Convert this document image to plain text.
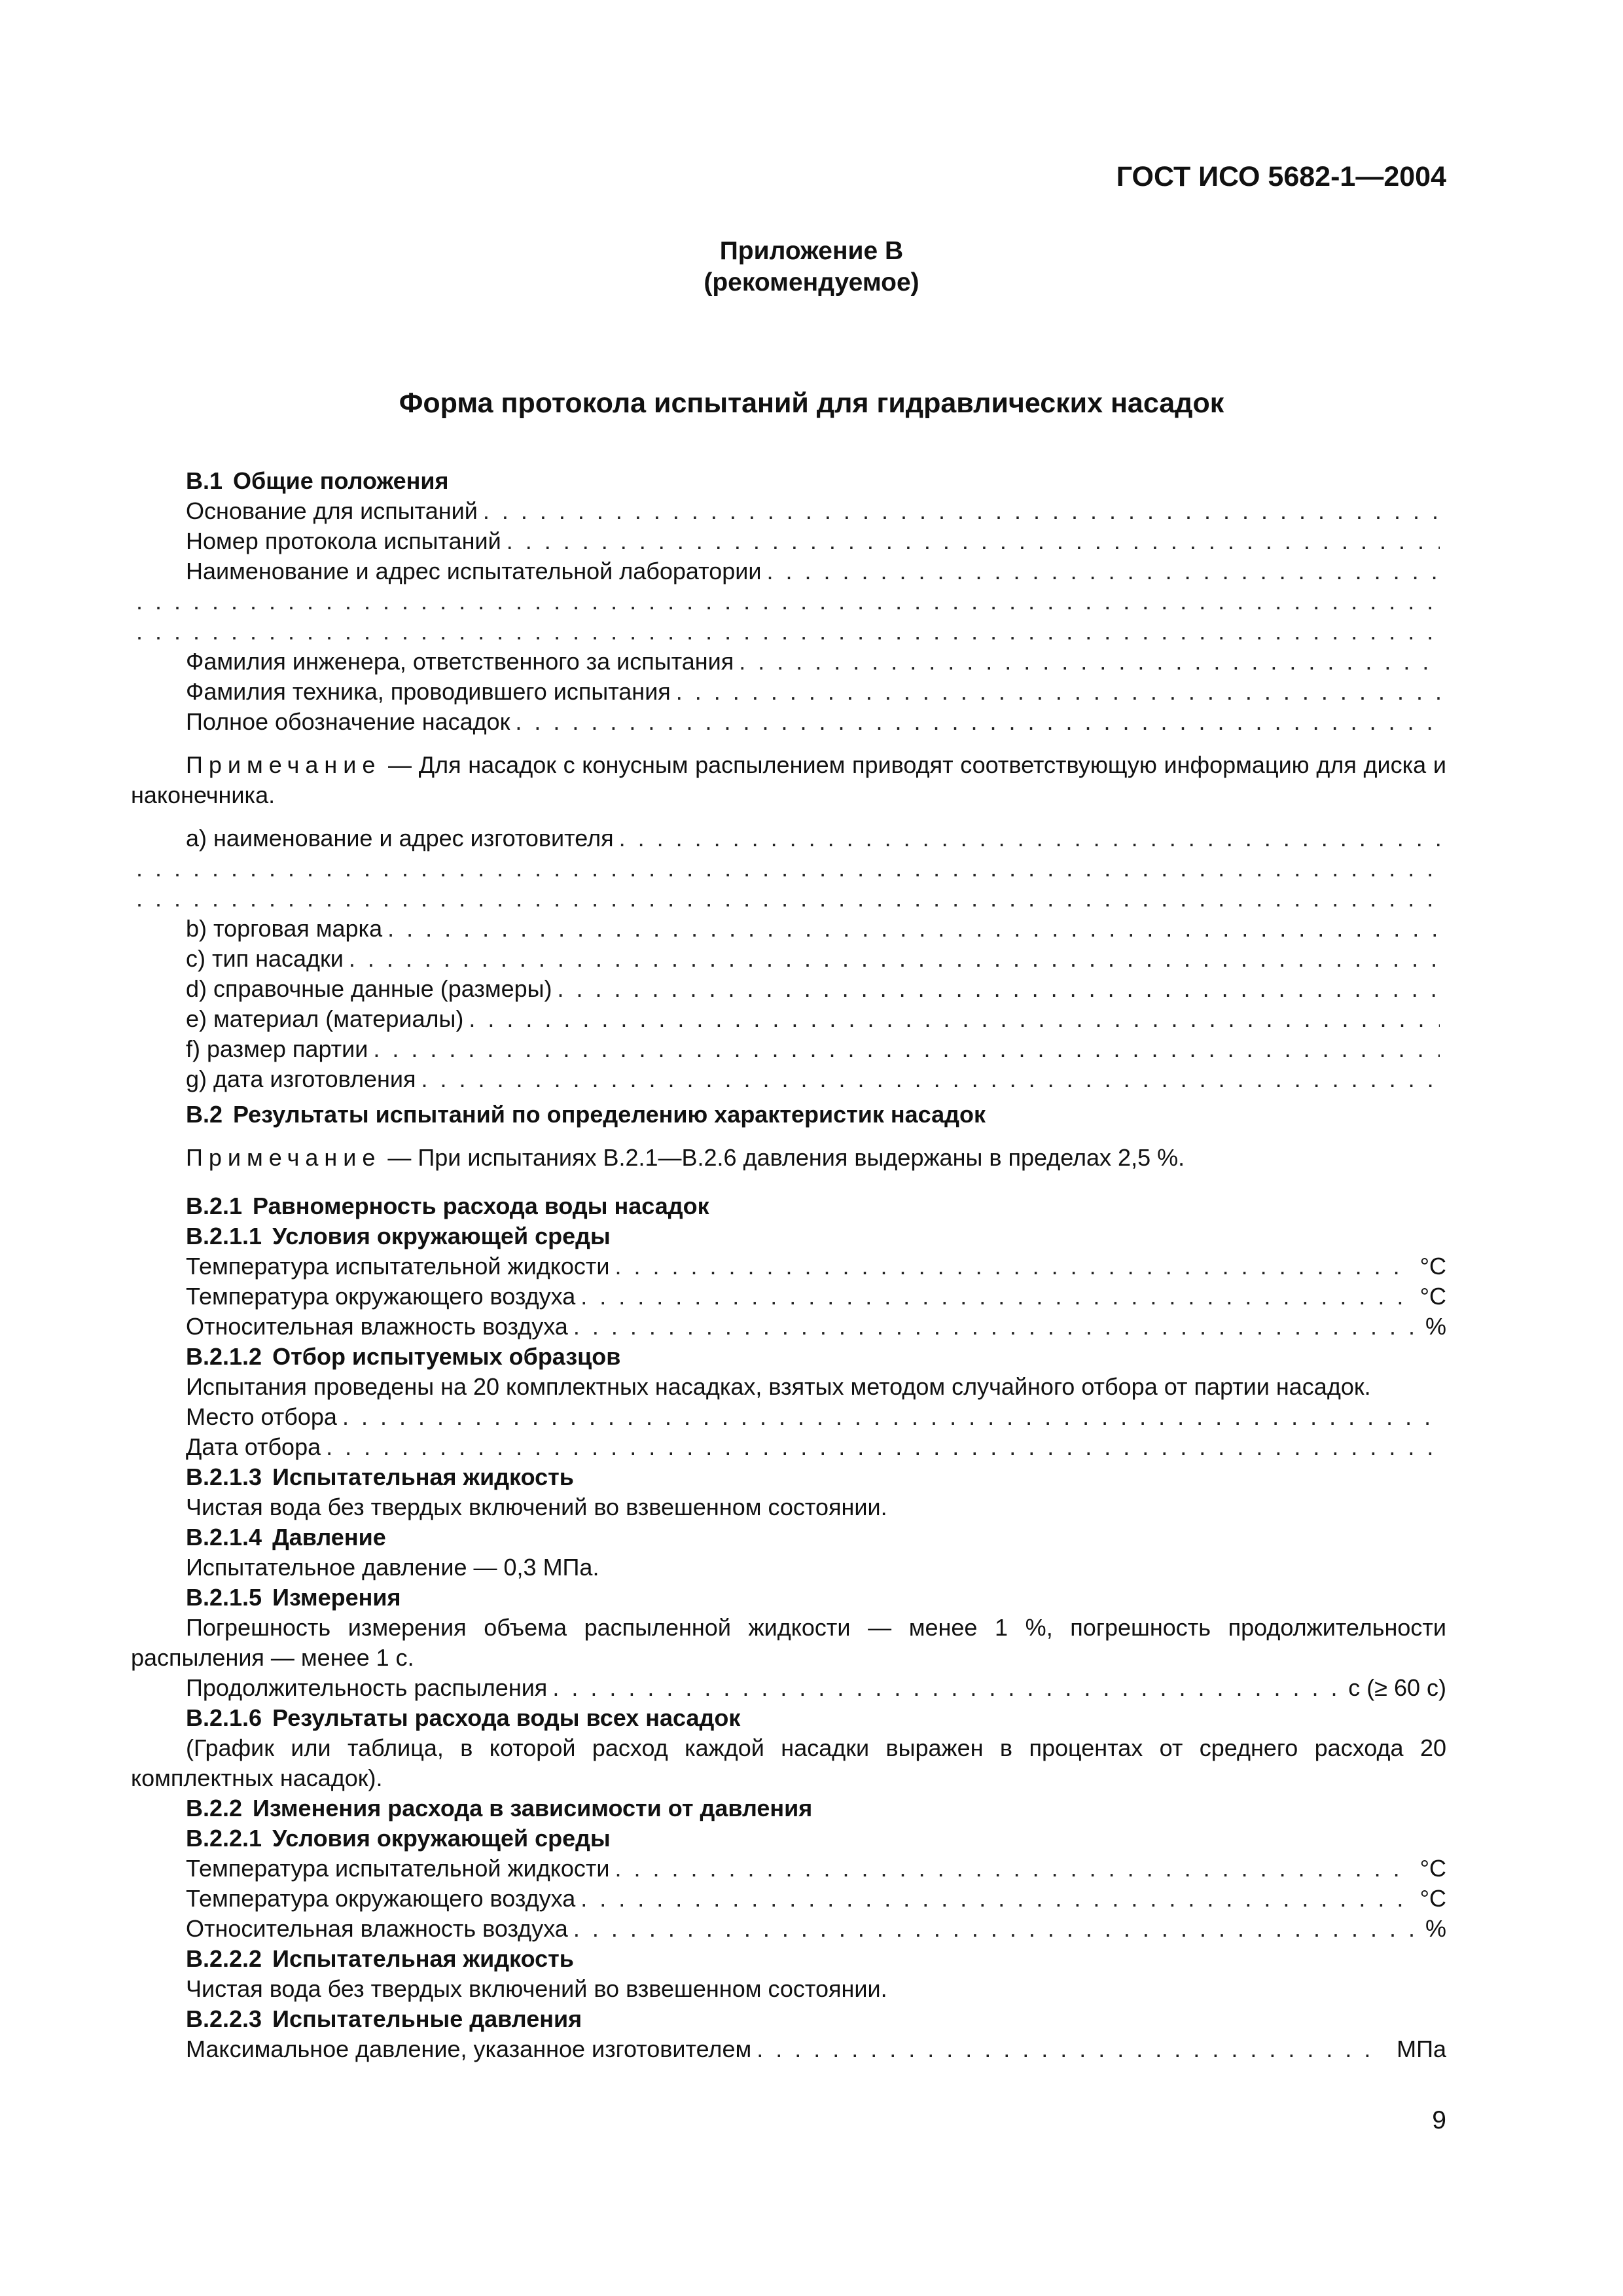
ГОСТ ИСО 5682-1—2004
Приложение В
(рекомендуемое)
Форма протокола испытаний для гидравлических насадок
В.1 Общие положения
Основание для испытаний
. . .
Номер протокола испытаний
. . .
Наименование и адрес испытательной лаборатории
. . .
. . .
. . .
Фамилия инженера, ответственного за испытания
. . .
Фамилия техника, проводившего испытания
. . .
Полное обозначение насадок
. . .
Примечание — Для насадок с конусным распылением приводят соответствующую информацию для диска и наконечника.
а) наименование и адрес изготовителя
. . .
. . .
. . .
b) торговая марка
. . .
с) тип насадки
. . .
d) справочные данные (размеры)
. . .
е) материал (материалы)
. . .
f) размер партии
. . .
g) дата изготовления
. . .
В.2 Результаты испытаний по определению характеристик насадок
Примечание — При испытаниях В.2.1—В.2.6 давления выдержаны в пределах 2,5 %.
В.2.1 Равномерность расхода воды насадок
В.2.1.1 Условия окружающей среды
Температура испытательной жидкости . . .	°C
Температура окружающего воздуха . . .	°C
Относительная влажность воздуха . . .	%
В.2.1.2 Отбор испытуемых образцов
Испытания проведены на 20 комплектных насадках, взятых методом случайного отбора от партии насадок.
Место отбора
. . .
Дата отбора
. . .
В.2.1.3 Испытательная жидкость
Чистая вода без твердых включений во взвешенном состоянии.
В.2.1.4 Давление
Испытательное давление — 0,3 МПа.
В.2.1.5 Измерения
Погрешность измерения объема распыленной жидкости — менее 1 %, погрешность продолжительности распыления — менее 1 с.
Продолжительность распыления . . .	с (≥ 60 с)
В.2.1.6 Результаты расхода воды всех насадок
(График или таблица, в которой расход каждой насадки выражен в процентах от среднего расхода 20 комплектных насадок).
В.2.2 Изменения расхода в зависимости от давления
В.2.2.1 Условия окружающей среды
Температура испытательной жидкости . . .	°C
Температура окружающего воздуха . . .	°C
Относительная влажность воздуха . . .	%
В.2.2.2 Испытательная жидкость
Чистая вода без твердых включений во взвешенном состоянии.
В.2.2.3 Испытательные давления
Максимальное давление, указанное изготовителем . . .	МПа
9
